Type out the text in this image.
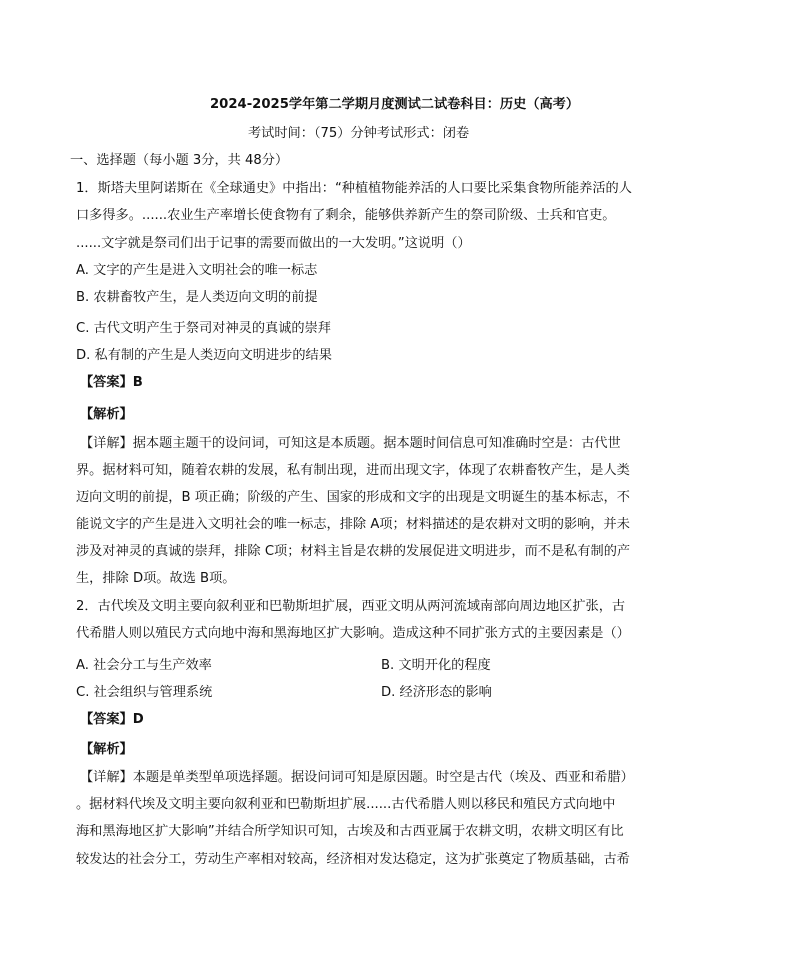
2024-2025学年第二学期月度测试二试卷科目：历史（高考）
考试时间：（75）分钟考试形式：闭卷
一、选择题（每小题 3分，共 48分）
1．斯塔夫里阿诺斯在《全球通史》中指出：“种植植物能养活的人口要比采集食物所能养活的人
口多得多。......农业生产率增长使食物有了剩余，能够供养新产生的祭司阶级、士兵和官吏。
......文字就是祭司们出于记事的需要而做出的一大发明。”这说明（）
A. 文字的产生是进入文明社会的唯一标志
B. 农耕畜牧产生，是人类迈向文明的前提
C. 古代文明产生于祭司对神灵的真诚的崇拜
D. 私有制的产生是人类迈向文明进步的结果
【答案】B
【解析】
【详解】据本题主题干的设问词，可知这是本质题。据本题时间信息可知准确时空是：古代世
界。据材料可知，随着农耕的发展，私有制出现，进而出现文字，体现了农耕畜牧产生，是人类
迈向文明的前提，B 项正确；阶级的产生、国家的形成和文字的出现是文明诞生的基本标志，不
能说文字的产生是进入文明社会的唯一标志，排除 A项；材料描述的是农耕对文明的影响，并未
涉及对神灵的真诚的崇拜，排除 C项；材料主旨是农耕的发展促进文明进步，而不是私有制的产
生，排除 D项。故选 B项。
2．古代埃及文明主要向叙利亚和巴勒斯坦扩展，西亚文明从两河流域南部向周边地区扩张，古
代希腊人则以殖民方式向地中海和黑海地区扩大影响。造成这种不同扩张方式的主要因素是（）
A. 社会分工与生产效率	B. 文明开化的程度
C. 社会组织与管理系统	D. 经济形态的影响
【答案】D
【解析】
【详解】本题是单类型单项选择题。据设问词可知是原因题。时空是古代（埃及、西亚和希腊）
。据材料代埃及文明主要向叙利亚和巴勒斯坦扩展......古代希腊人则以移民和殖民方式向地中
海和黑海地区扩大影响”并结合所学知识可知，古埃及和古西亚属于农耕文明，农耕文明区有比
较发达的社会分工，劳动生产率相对较高，经济相对发达稳定，这为扩张奠定了物质基础，古希
